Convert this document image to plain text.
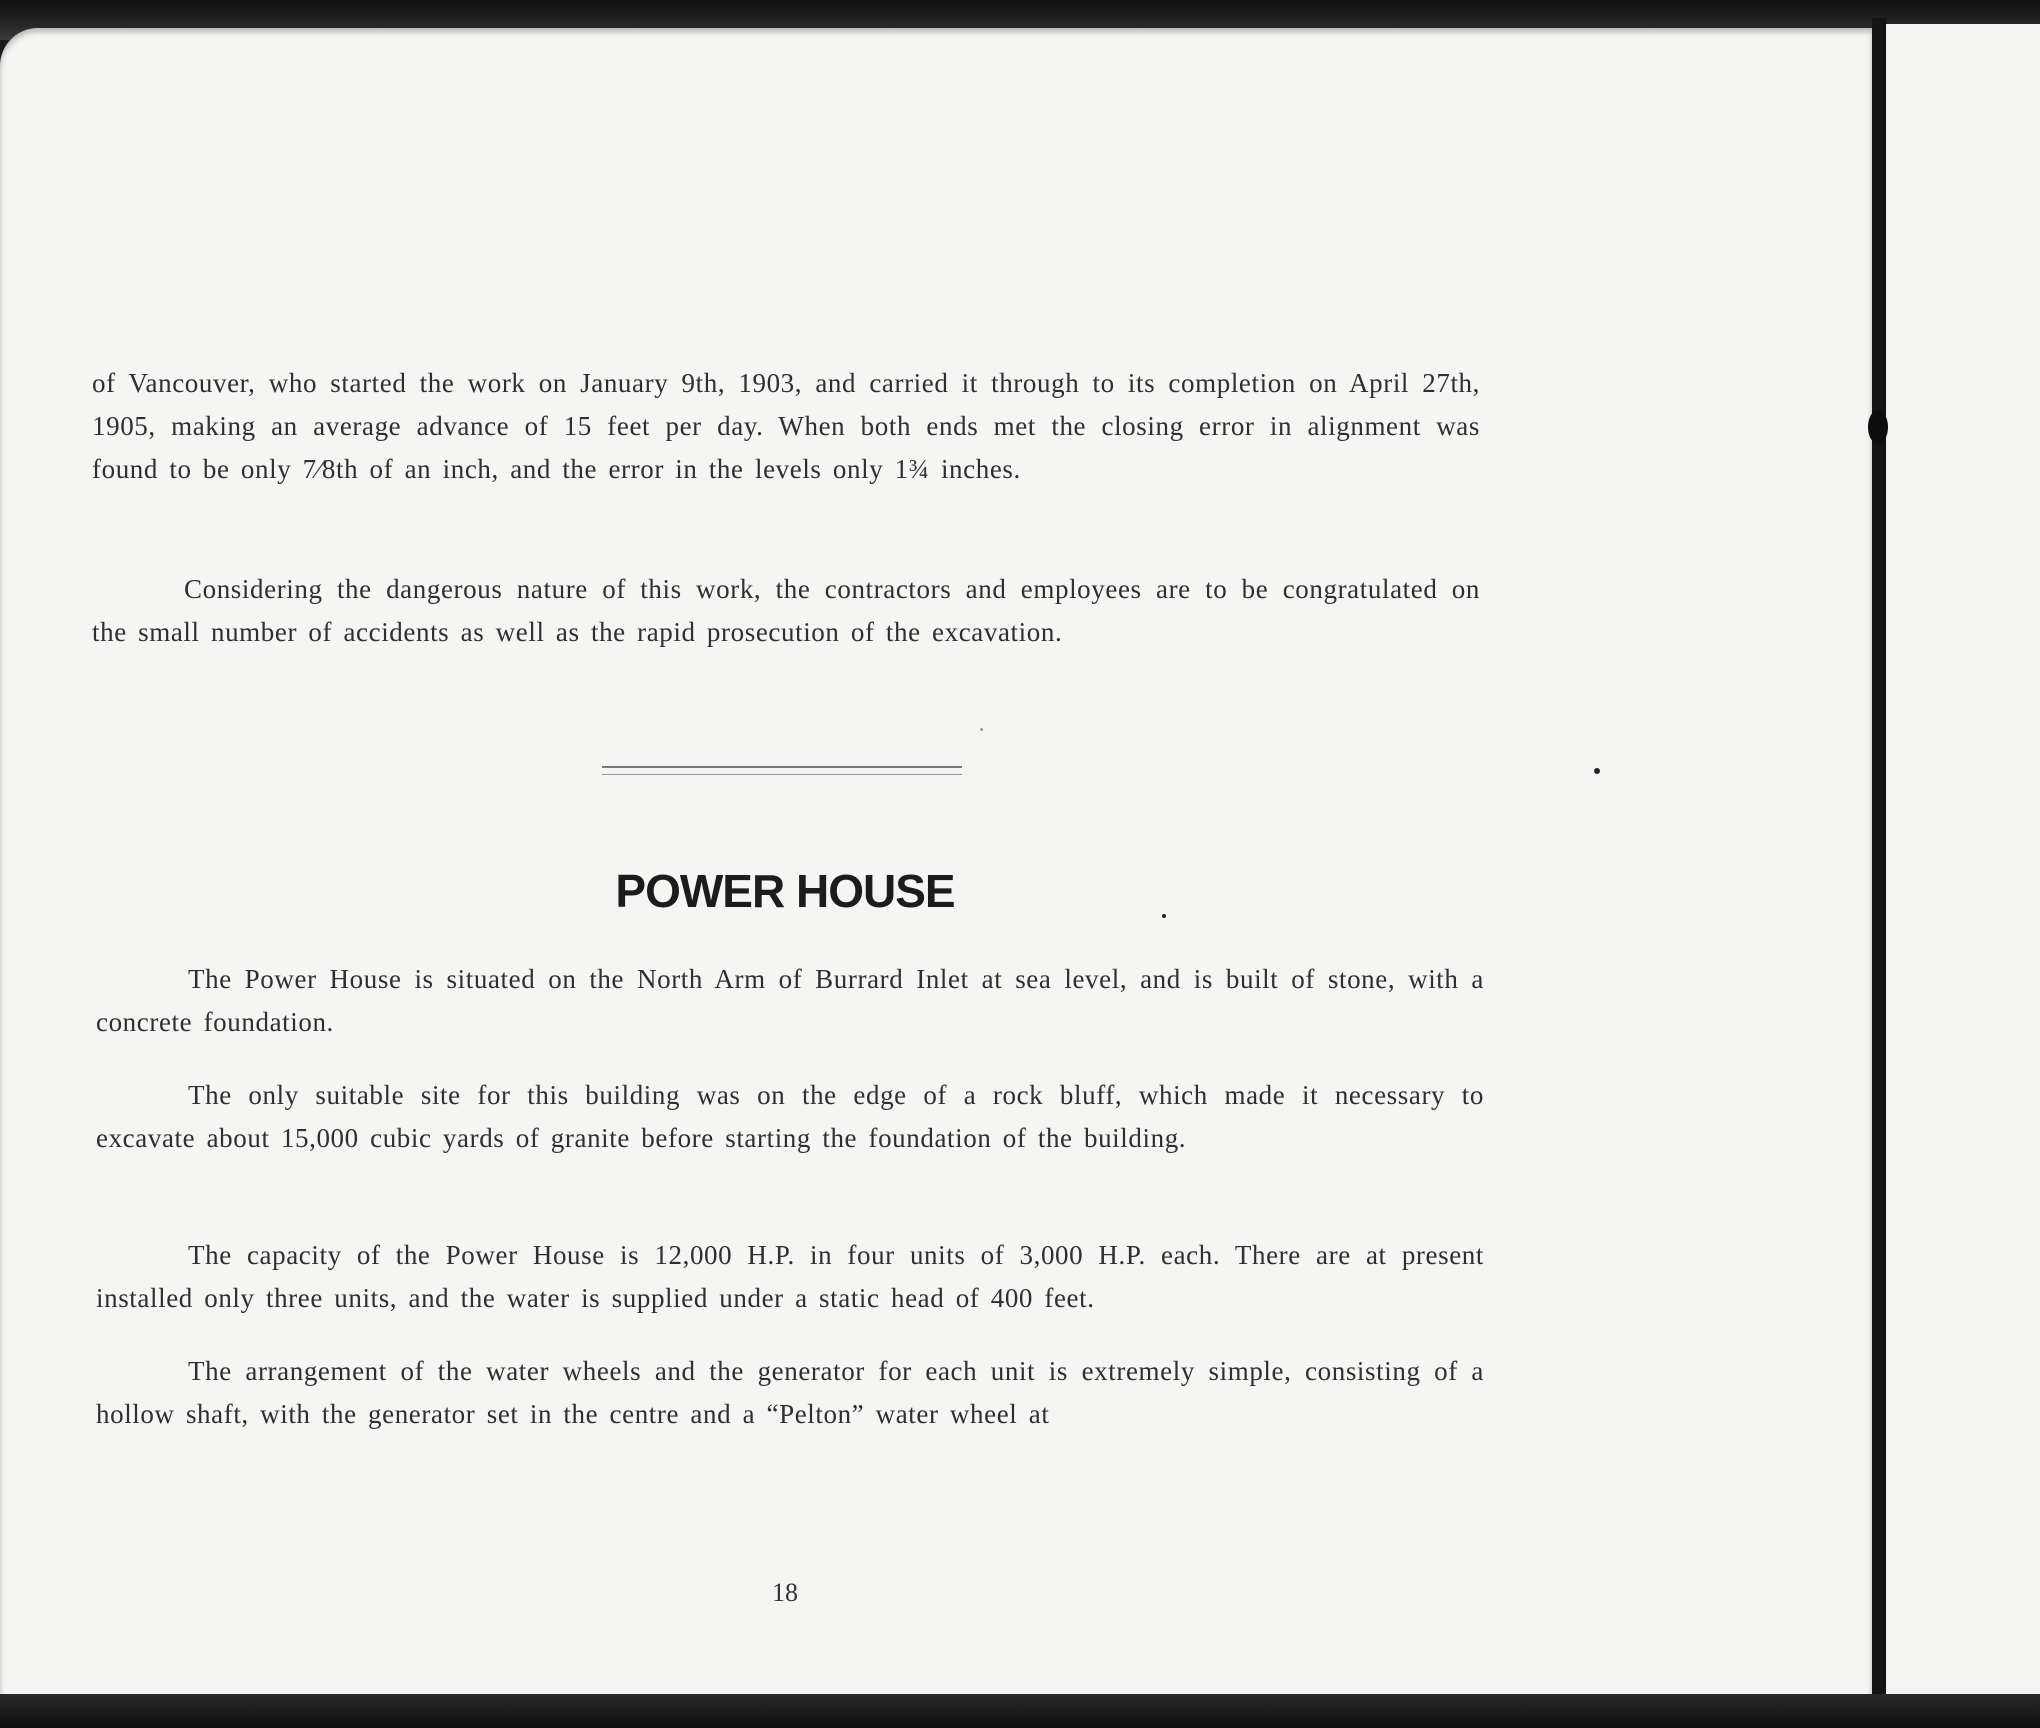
of Vancouver, who started the work on January 9th, 1903, and carried it through to its completion on April 27th, 1905, making an average advance of 15 feet per day. When both ends met the closing error in alignment was found to be only 7⁄8th of an inch, and the error in the levels only 1¾ inches.

Considering the dangerous nature of this work, the contractors and employees are to be congratulated on the small number of accidents as well as the rapid prosecution of the excavation.

POWER HOUSE

The Power House is situated on the North Arm of Burrard Inlet at sea level, and is built of stone, with a concrete foundation.

The only suitable site for this building was on the edge of a rock bluff, which made it necessary to excavate about 15,000 cubic yards of granite before starting the foundation of the building.

The capacity of the Power House is 12,000 H.P. in four units of 3,000 H.P. each. There are at present installed only three units, and the water is supplied under a static head of 400 feet.

The arrangement of the water wheels and the generator for each unit is extremely simple, consisting of a hollow shaft, with the generator set in the centre and a “Pelton” water wheel at

18
